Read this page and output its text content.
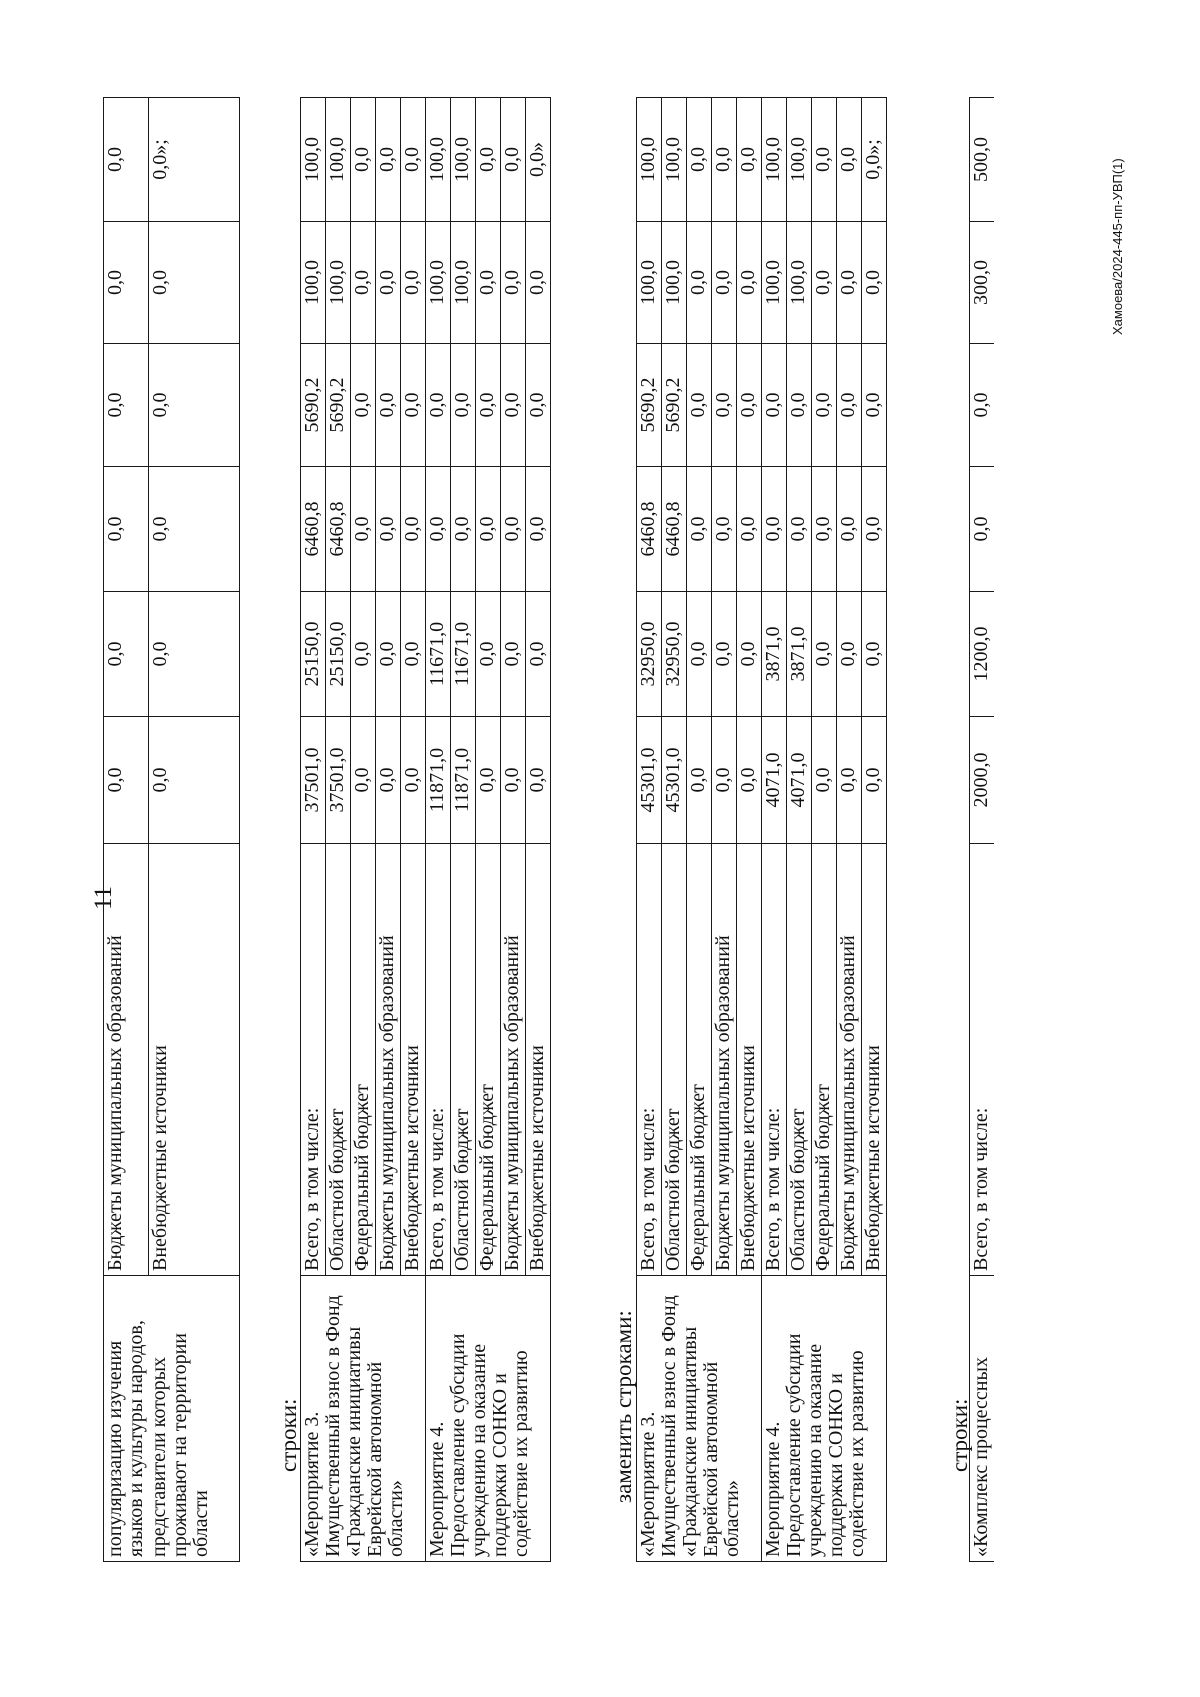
11
популяризацию изучения языков и культуры народов,	Бюджеты муниципальных образований	0,0	0,0	0,0	0,0	0,0	0,0
представители которых проживают на территории области	Внебюджетные источники	0,0	0,0	0,0	0,0	0,0	0,0»;
строки: «Мероприятие 3. Имущественный взнос в Фонд «Гражданские инициативы Еврейской автономной области»	Всего, в том числе:	37501,0	25150,0	6460,8	5690,2	100,0	100,0
	Областной бюджет	37501,0	25150,0	6460,8	5690,2	100,0	100,0
	Федеральный бюджет	0,0	0,0	0,0	0,0	0,0	0,0
	Бюджеты муниципальных образований	0,0	0,0	0,0	0,0	0,0	0,0
	Внебюджетные источники	0,0	0,0	0,0	0,0	0,0	0,0
Мероприятие 4. Предоставление субсидии учреждению на оказание поддержки СОНКО и содействие их развитию	Всего, в том числе:	11871,0	11671,0	0,0	0,0	100,0	100,0
	Областной бюджет	11871,0	11671,0	0,0	0,0	100,0	100,0
	Федеральный бюджет	0,0	0,0	0,0	0,0	0,0	0,0
	Бюджеты муниципальных образований	0,0	0,0	0,0	0,0	0,0	0,0
	Внебюджетные источники	0,0	0,0	0,0	0,0	0,0	0,0»
заменить строками: «Мероприятие 3. Имущественный взнос в Фонд «Гражданские инициативы Еврейской автономной области»	Всего, в том числе:	45301,0	32950,0	6460,8	5690,2	100,0	100,0
	Областной бюджет	45301,0	32950,0	6460,8	5690,2	100,0	100,0
	Федеральный бюджет	0,0	0,0	0,0	0,0	0,0	0,0
	Бюджеты муниципальных образований	0,0	0,0	0,0	0,0	0,0	0,0
	Внебюджетные источники	0,0	0,0	0,0	0,0	0,0	0,0
Мероприятие 4. Предоставление субсидии учреждению на оказание поддержки СОНКО и содействие их развитию	Всего, в том числе:	4071,0	3871,0	0,0	0,0	100,0	100,0
	Областной бюджет	4071,0	3871,0	0,0	0,0	100,0	100,0
	Федеральный бюджет	0,0	0,0	0,0	0,0	0,0	0,0
	Бюджеты муниципальных образований	0,0	0,0	0,0	0,0	0,0	0,0
	Внебюджетные источники	0,0	0,0	0,0	0,0	0,0	0,0»;
строки:
«Комплекс процессных	Всего, в том числе:	2000,0	1200,0	0,0	0,0	300,0	500,0	Хамоева/2024-445-пп-УВП(1)
